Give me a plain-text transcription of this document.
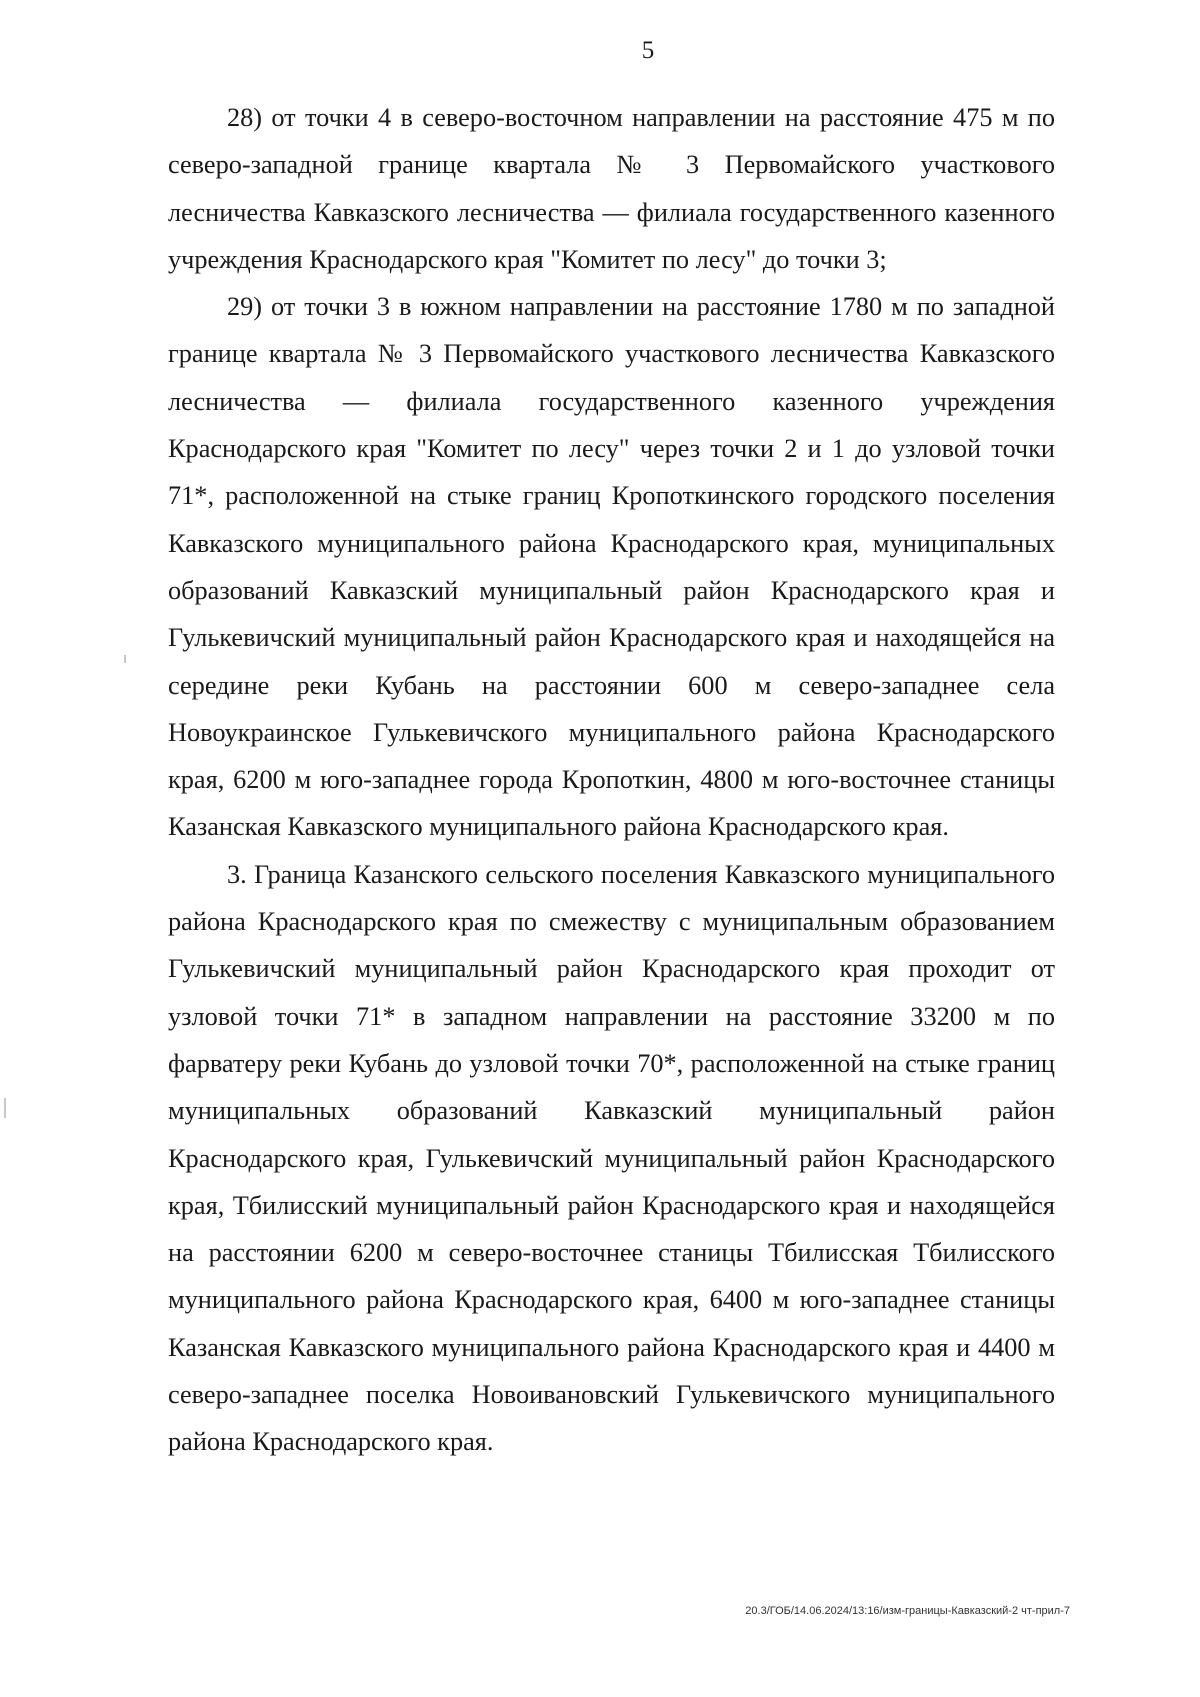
5

28) от точки 4 в северо-восточном направлении на расстояние 475 м по северо-западной границе квартала № 3 Первомайского участкового лесничества Кавказского лесничества — филиала государственного казенного учреждения Краснодарского края "Комитет по лесу" до точки 3;

29) от точки 3 в южном направлении на расстояние 1780 м по западной границе квартала № 3 Первомайского участкового лесничества Кавказского лесничества — филиала государственного казенного учреждения Краснодарского края "Комитет по лесу" через точки 2 и 1 до узловой точки 71*, расположенной на стыке границ Кропоткинского городского поселения Кавказского муниципального района Краснодарского края, муниципальных образований Кавказский муниципальный район Краснодарского края и Гулькевичский муниципальный район Краснодарского края и находящейся на середине реки Кубань на расстоянии 600 м северо-западнее села Новоукраинское Гулькевичского муниципального района Краснодарского края, 6200 м юго-западнее города Кропоткин, 4800 м юго-восточнее станицы Казанская Кавказского муниципального района Краснодарского края.

3. Граница Казанского сельского поселения Кавказского муниципального района Краснодарского края по смежеству с муниципальным образованием Гулькевичский муниципальный район Краснодарского края проходит от узловой точки 71* в западном направлении на расстояние 33200 м по фарватеру реки Кубань до узловой точки 70*, расположенной на стыке границ муниципальных образований Кавказский муниципальный район Краснодарского края, Гулькевичский муниципальный район Краснодарского края, Тбилисский муниципальный район Краснодарского края и находящейся на расстоянии 6200 м северо-восточнее станицы Тбилисская Тбилисского муниципального района Краснодарского края, 6400 м юго-западнее станицы Казанская Кавказского муниципального района Краснодарского края и 4400 м северо-западнее поселка Новоивановский Гулькевичского муниципального района Краснодарского края.

20.3/ГОБ/14.06.2024/13:16/изм-границы-Кавказский-2 чт-прил-7
